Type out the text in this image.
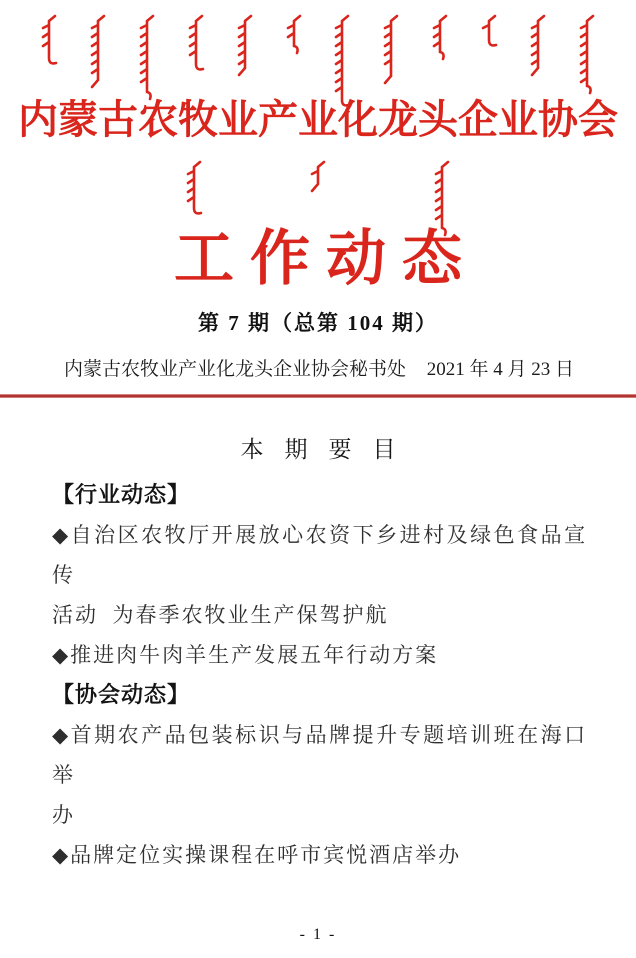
内蒙古农牧业产业化龙头企业协会
工作动态
第 7 期（总第 104 期）
内蒙古农牧业产业化龙头企业协会秘书处 2021 年 4 月 23 日
本期要目
【行业动态】
◆自治区农牧厅开展放心农资下乡进村及绿色食品宣传
活动  为春季农牧业生产保驾护航
◆推进肉牛肉羊生产发展五年行动方案
【协会动态】
◆首期农产品包装标识与品牌提升专题培训班在海口举
办
◆品牌定位实操课程在呼市宾悦酒店举办
- 1 -
